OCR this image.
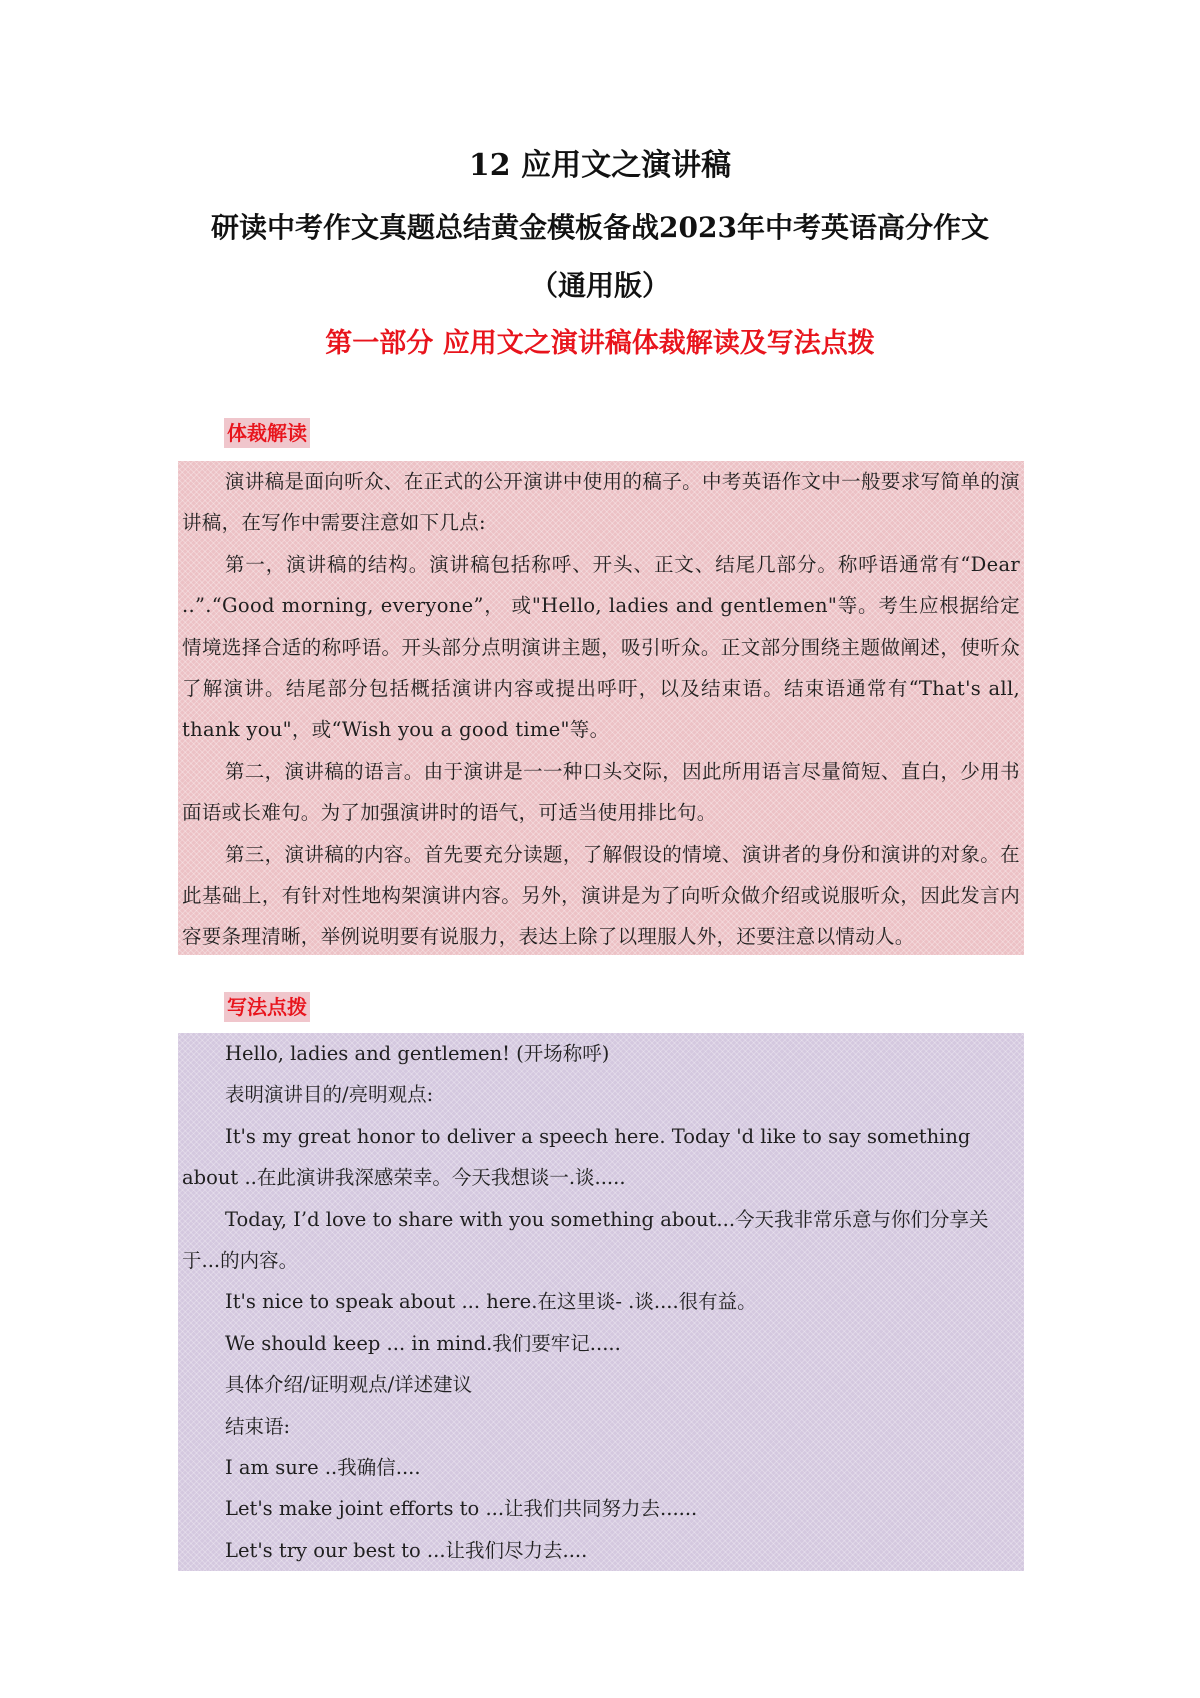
12 应用文之演讲稿
研读中考作文真题总结黄金模板备战2023年中考英语高分作文
（通用版）
第一部分 应用文之演讲稿体裁解读及写法点拨
体裁解读

演讲稿是面向听众、在正式的公开演讲中使用的稿子。中考英语作文中一般要求写简单的演讲稿，在写作中需要注意如下几点:

第一，演讲稿的结构。演讲稿包括称呼、开头、正文、结尾几部分。称呼语通常有“Dear ..”.“Good morning, everyone”， 或"Hello, ladies and gentlemen"等。考生应根据给定情境选择合适的称呼语。开头部分点明演讲主题，吸引听众。正文部分围绕主题做阐述，使听众了解演讲。结尾部分包括概括演讲内容或提出呼吁，以及结束语。结束语通常有“That's all, thank you"，或“Wish you a good time"等。

第二，演讲稿的语言。由于演讲是一一种口头交际，因此所用语言尽量简短、直白，少用书面语或长难句。为了加强演讲时的语气，可适当使用排比句。

第三，演讲稿的内容。首先要充分读题，了解假设的情境、演讲者的身份和演讲的对象。在此基础上，有针对性地构架演讲内容。另外，演讲是为了向听众做介绍或说服听众，因此发言内容要条理清晰，举例说明要有说服力，表达上除了以理服人外，还要注意以情动人。

写法点拨

Hello, ladies and gentlemen! (开场称呼)

表明演讲目的/亮明观点:

It's my great honor to deliver a speech here. Today 'd like to say something about ..在此演讲我深感荣幸。今天我想谈一.谈.....

Today, I’d love to share with you something about...今天我非常乐意与你们分享关于...的内容。

It's nice to speak about ... here.在这里谈- .谈....很有益。

We should keep ... in mind.我们要牢记.....

具体介绍/证明观点/详述建议

结束语:

I am sure ..我确信....

Let's make joint efforts to ...让我们共同努力去......

Let's try our best to ...让我们尽力去....
